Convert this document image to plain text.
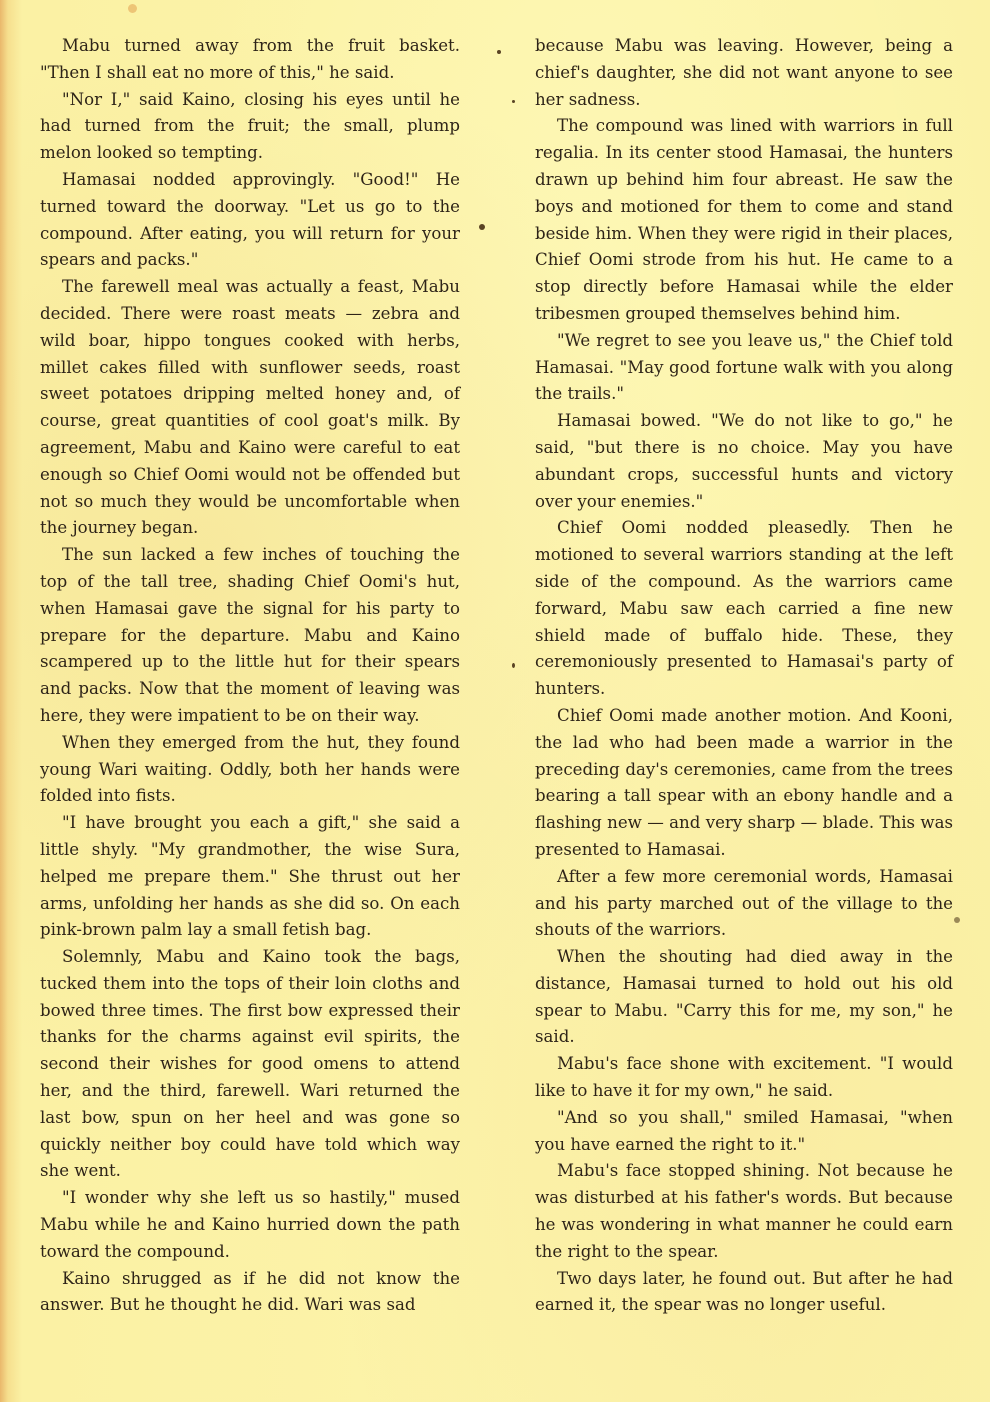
Mabu turned away from the fruit basket. "Then I shall eat no more of this," he said.

"Nor I," said Kaino, closing his eyes until he had turned from the fruit; the small, plump melon looked so tempting.

Hamasai nodded approvingly. "Good!" He turned toward the doorway. "Let us go to the compound. After eating, you will return for your spears and packs."

The farewell meal was actually a feast, Mabu decided. There were roast meats — zebra and wild boar, hippo tongues cooked with herbs, millet cakes filled with sunflower seeds, roast sweet potatoes dripping melted honey and, of course, great quantities of cool goat's milk. By agreement, Mabu and Kaino were careful to eat enough so Chief Oomi would not be offended but not so much they would be uncomfortable when the journey began.

The sun lacked a few inches of touching the top of the tall tree, shading Chief Oomi's hut, when Hamasai gave the signal for his party to prepare for the departure. Mabu and Kaino scampered up to the little hut for their spears and packs. Now that the moment of leaving was here, they were impatient to be on their way.

When they emerged from the hut, they found young Wari waiting. Oddly, both her hands were folded into fists.

"I have brought you each a gift," she said a little shyly. "My grandmother, the wise Sura, helped me prepare them." She thrust out her arms, unfolding her hands as she did so. On each pink-brown palm lay a small fetish bag.

Solemnly, Mabu and Kaino took the bags, tucked them into the tops of their loin cloths and bowed three times. The first bow expressed their thanks for the charms against evil spirits, the second their wishes for good omens to attend her, and the third, farewell. Wari returned the last bow, spun on her heel and was gone so quickly neither boy could have told which way she went.

"I wonder why she left us so hastily," mused Mabu while he and Kaino hurried down the path toward the compound.

Kaino shrugged as if he did not know the answer. But he thought he did. Wari was sad

because Mabu was leaving. However, being a chief's daughter, she did not want anyone to see her sadness.

The compound was lined with warriors in full regalia. In its center stood Hamasai, the hunters drawn up behind him four abreast. He saw the boys and motioned for them to come and stand beside him. When they were rigid in their places, Chief Oomi strode from his hut. He came to a stop directly before Hamasai while the elder tribesmen grouped themselves behind him.

"We regret to see you leave us," the Chief told Hamasai. "May good fortune walk with you along the trails."

Hamasai bowed. "We do not like to go," he said, "but there is no choice. May you have abundant crops, successful hunts and victory over your enemies."

Chief Oomi nodded pleasedly. Then he motioned to several warriors standing at the left side of the compound. As the warriors came forward, Mabu saw each carried a fine new shield made of buffalo hide. These, they ceremoniously presented to Hamasai's party of hunters.

Chief Oomi made another motion. And Kooni, the lad who had been made a warrior in the preceding day's ceremonies, came from the trees bearing a tall spear with an ebony handle and a flashing new — and very sharp — blade. This was presented to Hamasai.

After a few more ceremonial words, Hamasai and his party marched out of the village to the shouts of the warriors.

When the shouting had died away in the distance, Hamasai turned to hold out his old spear to Mabu. "Carry this for me, my son," he said.

Mabu's face shone with excitement. "I would like to have it for my own," he said.

"And so you shall," smiled Hamasai, "when you have earned the right to it."

Mabu's face stopped shining. Not because he was disturbed at his father's words. But because he was wondering in what manner he could earn the right to the spear.

Two days later, he found out. But after he had earned it, the spear was no longer useful.
